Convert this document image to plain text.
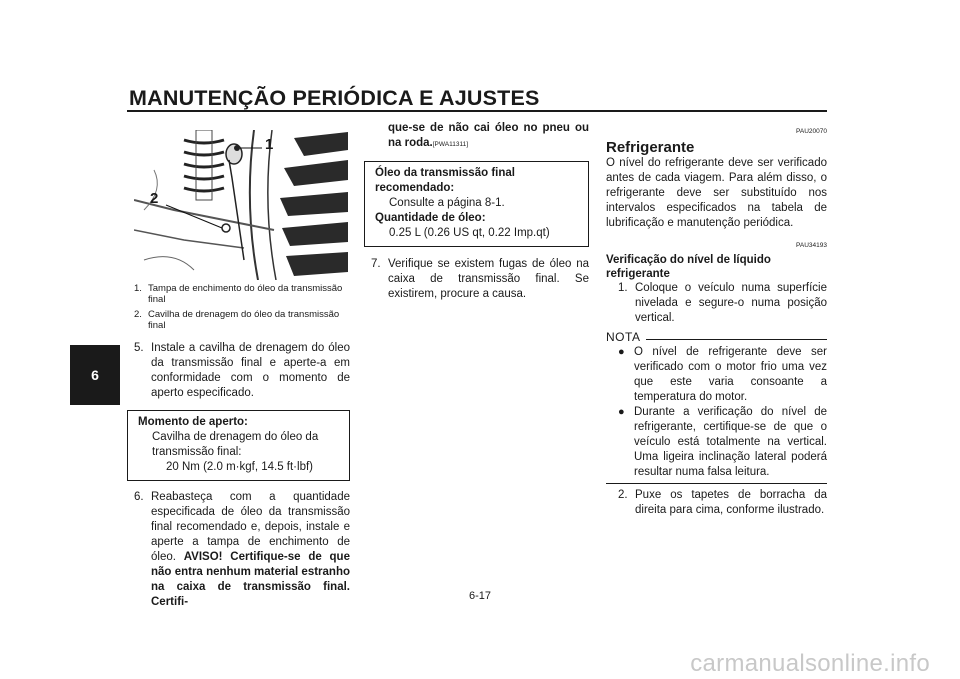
MANUTENÇÃO PERIÓDICA E AJUSTES
6
1
2
1. Tampa de enchimento do óleo da transmissão final
2. Cavilha de drenagem do óleo da transmissão final
5. Instale a cavilha de drenagem do óleo da transmissão final e aperte-a em conformidade com o momento de aperto especificado.
Momento de aperto:
Cavilha de drenagem do óleo da transmissão final:
20 Nm (2.0 m·kgf, 14.5 ft·lbf)
6. Reabasteça com a quantidade especificada de óleo da transmissão final recomendado e, depois, instale e aperte a tampa de enchimento de óleo. AVISO! Certifique-se de que não entra nenhum material estranho na caixa de transmissão final. Certifi-
que-se de não cai óleo no pneu ou na roda.[PWA11311]
Óleo da transmissão final recomendado:
Consulte a página 8-1.
Quantidade de óleo:
0.25 L (0.26 US qt, 0.22 Imp.qt)
7. Verifique se existem fugas de óleo na caixa de transmissão final. Se existirem, procure a causa.
PAU20070
Refrigerante
O nível do refrigerante deve ser verificado antes de cada viagem. Para além disso, o refrigerante deve ser substituído nos intervalos especificados na tabela de lubrificação e manutenção periódica.
PAU34193
Verificação do nível de líquido refrigerante
1. Coloque o veículo numa superfície nivelada e segure-o numa posição vertical.
NOTA
● O nível de refrigerante deve ser verificado com o motor frio uma vez que este varia consoante a temperatura do motor.
● Durante a verificação do nível de refrigerante, certifique-se de que o veículo está totalmente na vertical. Uma ligeira inclinação lateral poderá resultar numa falsa leitura.
2. Puxe os tapetes de borracha da direita para cima, conforme ilustrado.
6-17
carmanualsonline.info
